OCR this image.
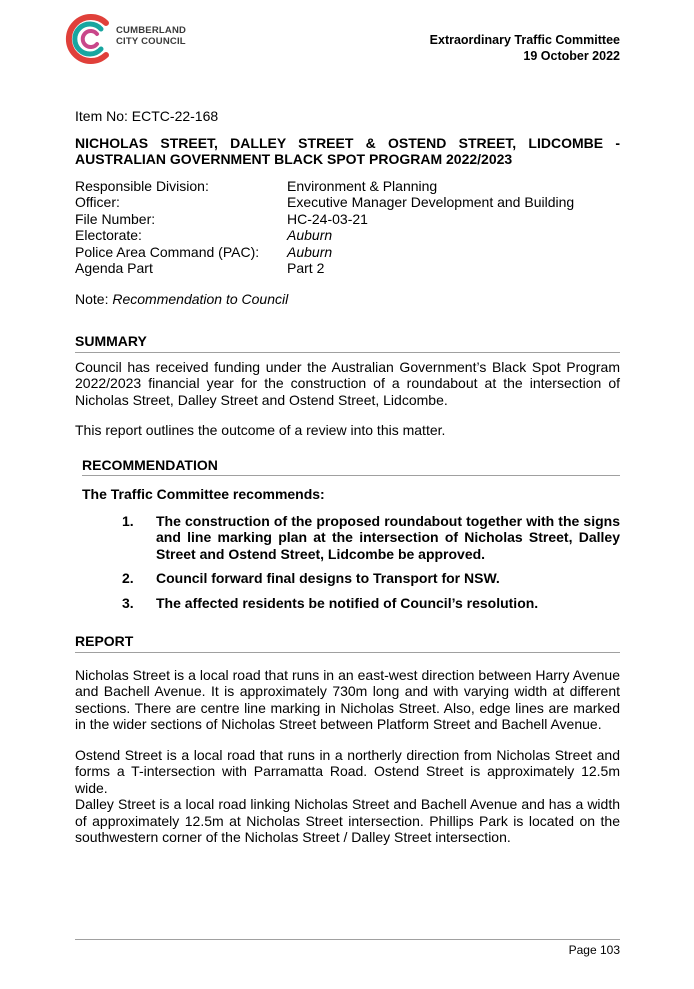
CUMBERLAND
CITY COUNCIL	Extraordinary Traffic Committee
19 October 2022

Item No: ECTC-22-168

NICHOLAS STREET, DALLEY STREET & OSTEND STREET, LIDCOMBE - AUSTRALIAN GOVERNMENT BLACK SPOT PROGRAM 2022/2023

Responsible Division:	Environment & Planning
Officer:	Executive Manager Development and Building
File Number:	HC-24-03-21
Electorate:	Auburn
Police Area Command (PAC):	Auburn
Agenda Part	Part 2
Note: Recommendation to Council
SUMMARY

Council has received funding under the Australian Government’s Black Spot Program 2022/2023 financial year for the construction of a roundabout at the intersection of Nicholas Street, Dalley Street and Ostend Street, Lidcombe.

This report outlines the outcome of a review into this matter.

RECOMMENDATION
The Traffic Committee recommends:
1.	The construction of the proposed roundabout together with the signs and line marking plan at the intersection of Nicholas Street, Dalley Street and Ostend Street, Lidcombe be approved.
2.	Council forward final designs to Transport for NSW.
3.	The affected residents be notified of Council’s resolution.
REPORT

Nicholas Street is a local road that runs in an east-west direction between Harry Avenue and Bachell Avenue. It is approximately 730m long and with varying width at different sections. There are centre line marking in Nicholas Street. Also, edge lines are marked in the wider sections of Nicholas Street between Platform Street and Bachell Avenue.

Ostend Street is a local road that runs in a northerly direction from Nicholas Street and forms a T-intersection with Parramatta Road. Ostend Street is approximately 12.5m wide.

Dalley Street is a local road linking Nicholas Street and Bachell Avenue and has a width of approximately 12.5m at Nicholas Street intersection. Phillips Park is located on the southwestern corner of the Nicholas Street / Dalley Street intersection.

Page 103
